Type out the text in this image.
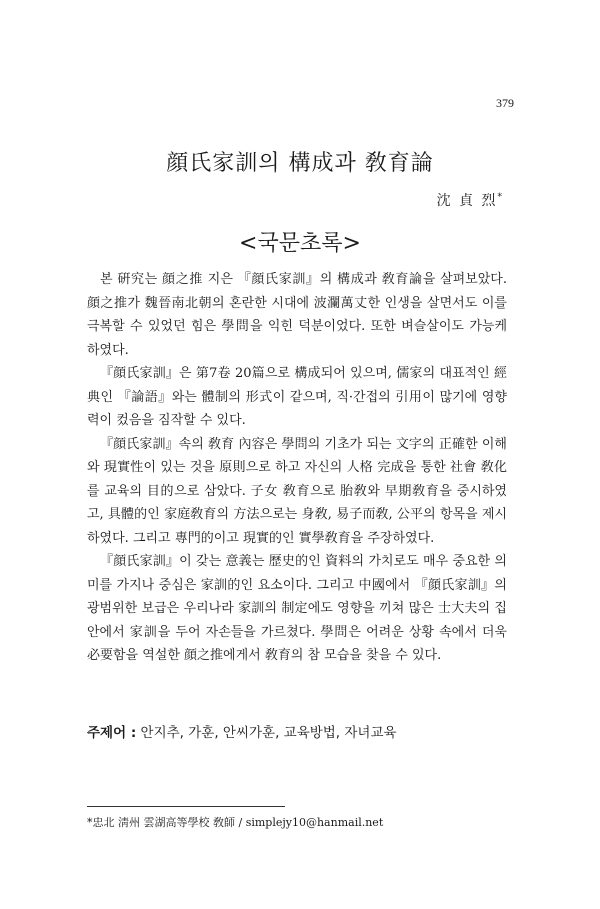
379
顔氏家訓의 構成과 敎育論
沈 貞 烈*
<국문초록>

본 硏究는 顔之推 지은 『顔氏家訓』의 構成과 敎育論을 살펴보았다. 顔之推가 魏晉南北朝의 혼란한 시대에 波瀾萬丈한 인생을 살면서도 이를 극복할 수 있었던 힘은 學問을 익힌 덕분이었다. 또한 벼슬살이도 가능케 하였다.

『顔氏家訓』은 第7卷 20篇으로 構成되어 있으며, 儒家의 대표적인 經典인 『論語』와는 體制의 形式이 같으며, 직·간접의 引用이 많기에 영향력이 컸음을 짐작할 수 있다.

『顔氏家訓』속의 敎育 內容은 學問의 기초가 되는 文字의 正確한 이해와 現實性이 있는 것을 原則으로 하고 자신의 人格 完成을 통한 社會 敎化를 교육의 目的으로 삼았다. 子女 敎育으로 胎敎와 早期敎育을 중시하였고, 具體的인 家庭敎育의 方法으로는 身敎, 易子而敎, 公平의 항목을 제시하였다. 그리고 專門的이고 現實的인 實學敎育을 주장하였다.

『顔氏家訓』이 갖는 意義는 歷史的인 資料의 가치로도 매우 중요한 의미를 가지나 중심은 家訓的인 요소이다. 그리고 中國에서 『顔氏家訓』의 광범위한 보급은 우리나라 家訓의 制定에도 영향을 끼쳐 많은 士大夫의 집안에서 家訓을 두어 자손들을 가르쳤다. 學問은 어려운 상황 속에서 더욱 必要함을 역설한 顔之推에게서 敎育의 참 모습을 찾을 수 있다.

주제어 : 안지추, 가훈, 안씨가훈, 교육방법, 자녀교육
*忠北 淸州 雲湖高等學校 敎師 / simplejy10@hanmail.net
